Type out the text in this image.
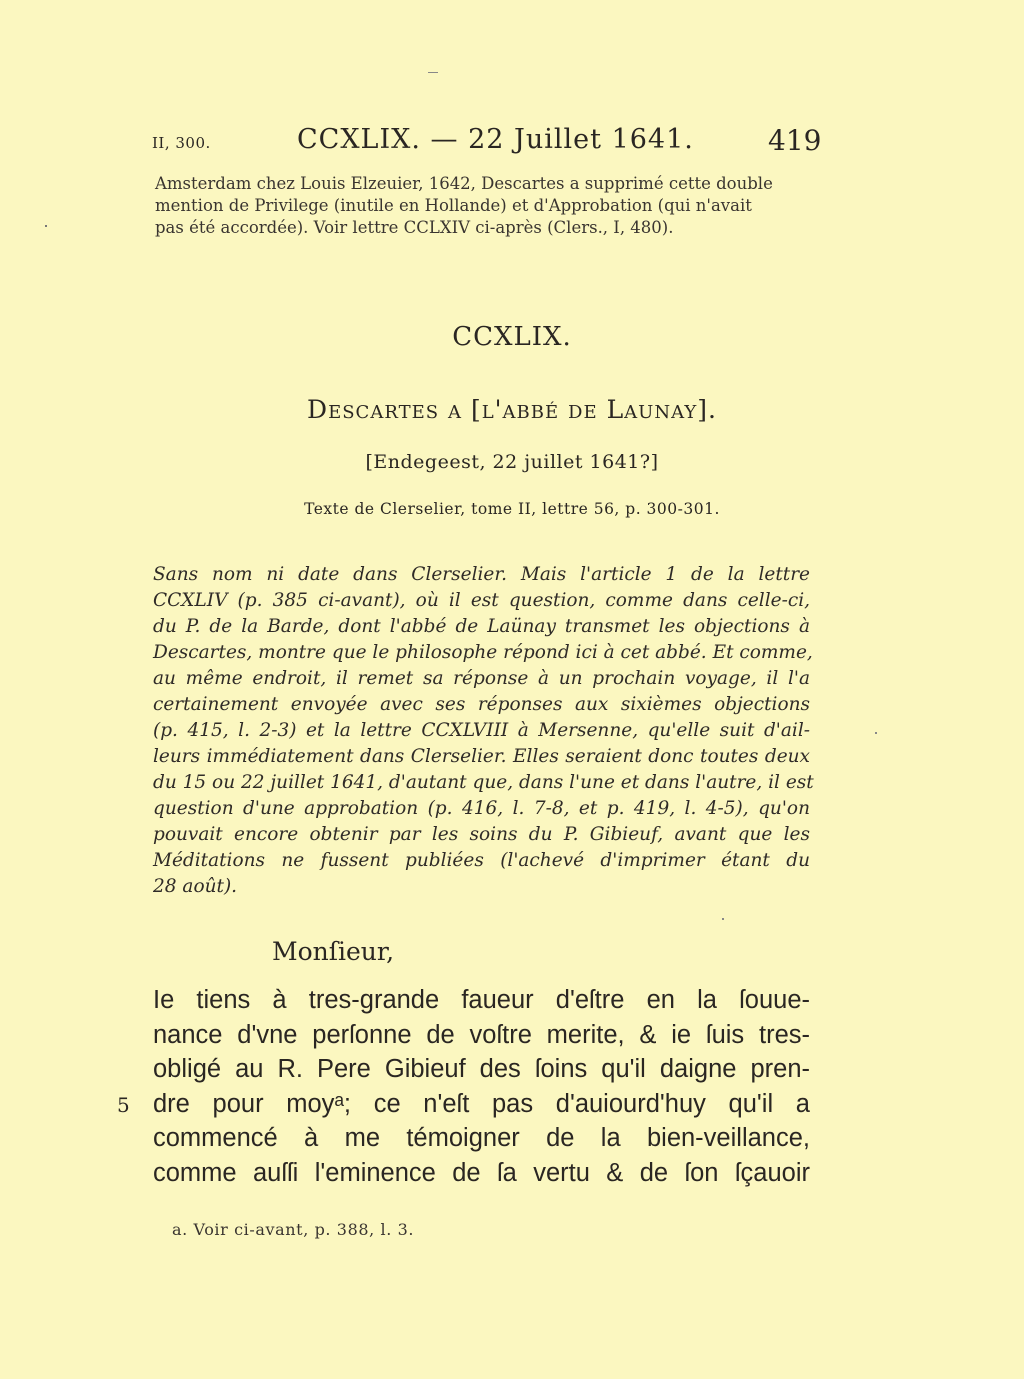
II, 300.	CCXLIX. — 22 Juillet 1641.	419
Amsterdam chez Louis Elzeuier, 1642, Descartes a supprimé cette double
mention de Privilege (inutile en Hollande) et d'Approbation (qui n'avait
pas été accordée). Voir lettre CCLXIV ci-après (Clers., I, 480).
CCXLIX.
Descartes a [l'abbé de Launay].
[Endegeest, 22 juillet 1641?]
Texte de Clerselier, tome II, lettre 56, p. 300-301.
Sans nom ni date dans Clerselier. Mais l'article 1 de la lettre
CCXLIV (p. 385 ci-avant), où il est question, comme dans celle-ci,
du P. de la Barde, dont l'abbé de Laünay transmet les objections à
Descartes, montre que le philosophe répond ici à cet abbé. Et comme,
au même endroit, il remet sa réponse à un prochain voyage, il l'a
certainement envoyée avec ses réponses aux sixièmes objections
(p. 415, l. 2-3) et la lettre CCXLVIII à Mersenne, qu'elle suit d'ail-
leurs immédiatement dans Clerselier. Elles seraient donc toutes deux
du 15 ou 22 juillet 1641, d'autant que, dans l'une et dans l'autre, il est
question d'une approbation (p. 416, l. 7-8, et p. 419, l. 4-5), qu'on
pouvait encore obtenir par les soins du P. Gibieuf, avant que les
Méditations ne fussent publiées (l'achevé d'imprimer étant du
28 août).
Monſieur,
Ie tiens à tres-grande faueur d'eſtre en la ſouue-
nance d'vne perſonne de voſtre merite, & ie ſuis tres-
obligé au R. Pere Gibieuf des ſoins qu'il daigne pren-
dre pour moyᵃ; ce n'eſt pas d'auiourd'huy qu'il a
commencé à me témoigner de la bien-veillance,
comme auſſi l'eminence de ſa vertu & de ſon ſçauoir
5
a. Voir ci-avant, p. 388, l. 3.
